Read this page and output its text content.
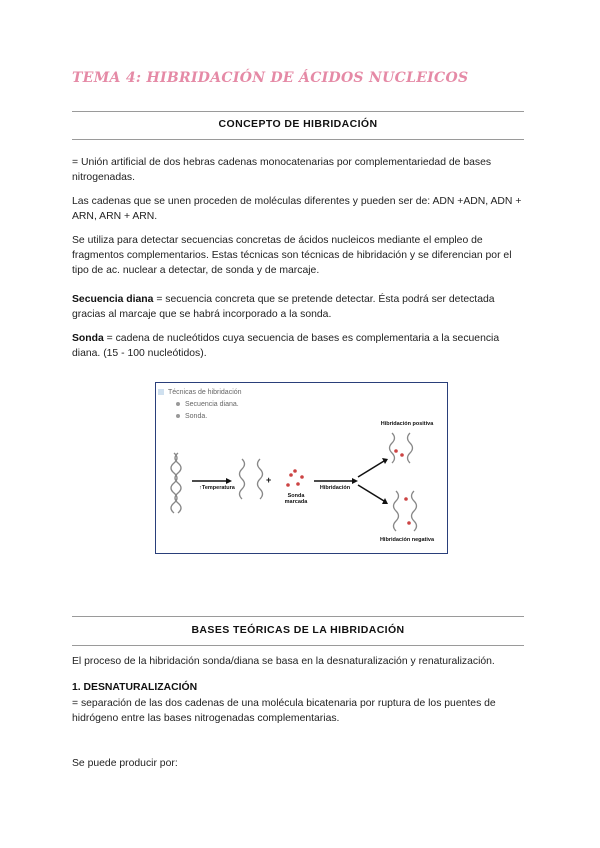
TEMA 4: HIBRIDACIÓN DE ÁCIDOS NUCLEICOS
CONCEPTO DE HIBRIDACIÓN

= Unión artificial de dos hebras cadenas monocatenarias por complementariedad de bases nitrogenadas.

Las cadenas que se unen proceden de moléculas diferentes y pueden ser de: ADN +ADN, ADN + ARN, ARN + ARN.

Se utiliza para detectar secuencias concretas de ácidos nucleicos mediante el empleo de fragmentos complementarios. Estas técnicas son técnicas de hibridación y se diferencian por el tipo de ac. nuclear a detectar, de sonda y de marcaje.

Secuencia diana = secuencia concreta que se pretende detectar. Ésta podrá ser detectada gracias al marcaje que se habrá incorporado a la sonda.

Sonda = cadena de nucleótidos cuya secuencia de bases es complementaria a la secuencia diana. (15 - 100 nucleótidos).

Técnicas de hibridación
Secuencia diana.
Sonda.
↑Temperatura
+
Sonda marcada
Hibridación
Hibridación positiva
Hibridación negativa
BASES TEÓRICAS DE LA HIBRIDACIÓN

El proceso de la hibridación sonda/diana se basa en la desnaturalización y renaturalización.

1. DESNATURALIZACIÓN

= separación de las dos cadenas de una molécula bicatenaria por ruptura de los puentes de hidrógeno entre las bases nitrogenadas complementarias.

Se puede producir por:
